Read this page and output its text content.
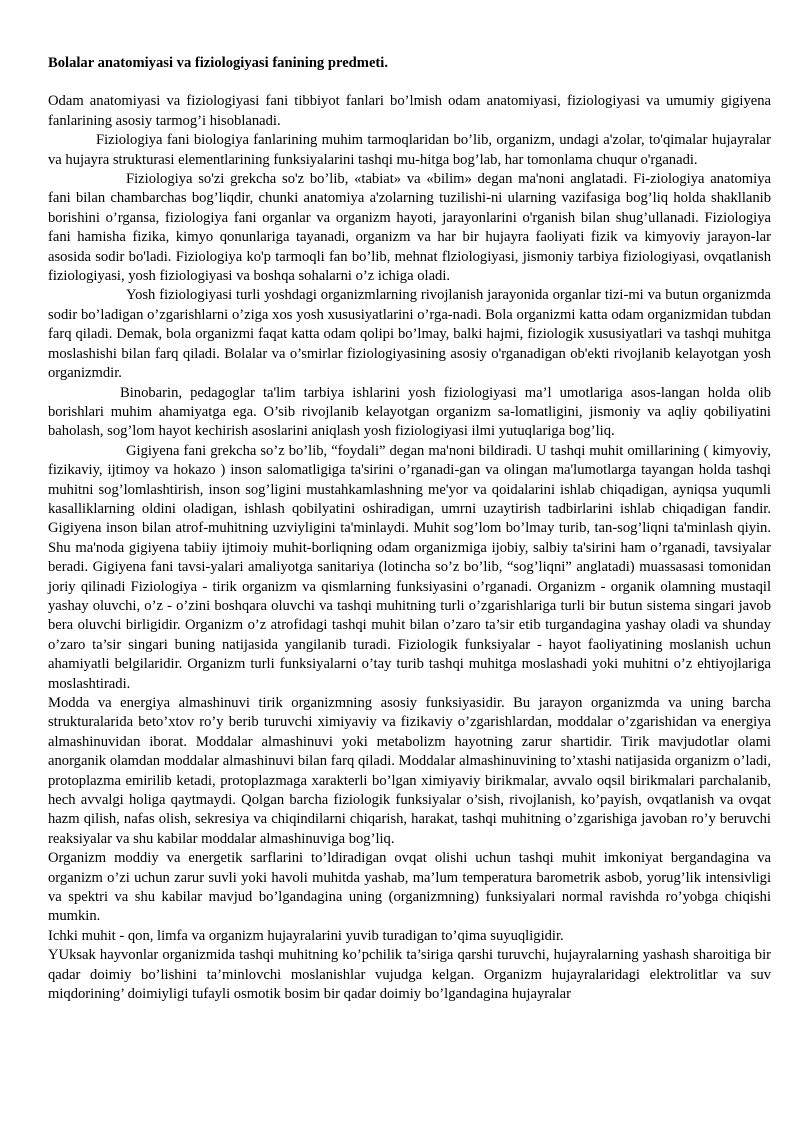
Bolalar anatomiyasi va fiziologiyasi fanining predmeti.

Odam anatomiyasi va fiziologiyasi fani tibbiyot fanlari bo’lmish odam anatomiyasi, fiziologiyasi va umumiy gigiyena fanlarining asosiy tarmog’i hisoblanadi.

Fiziologiya fani biologiya fanlarining muhim tarmoqlaridan bo’lib, organizm, undagi a'zolar, to'qimalar hujayralar va hujayra strukturasi elementlarining funksiyalarini tashqi mu-hitga bog’lab, har tomonlama chuqur o'rganadi.

Fiziologiya so'zi grekcha so'z bo’lib, «tabiat» va «bilim» degan ma'noni anglatadi. Fi-ziologiya anatomiya fani bilan chambarchas bog’liqdir, chunki anatomiya a'zolarning tuzilishi-ni ularning vazifasiga bog’liq holda shakllanib borishini o’rgansa, fiziologiya fani organlar va organizm hayoti, jarayonlarini o'rganish bilan shug’ullanadi. Fiziologiya fani hamisha fizika, kimyo qonunlariga tayanadi, organizm va har bir hujayra faoliyati fizik va kimyoviy jarayon-lar asosida sodir bo'ladi. Fiziologiya ko'p tarmoqli fan bo’lib, mehnat flziologiyasi, jismoniy tarbiya fiziologiyasi, ovqatlanish fiziologiyasi, yosh fiziologiyasi va boshqa sohalarni o’z ichiga oladi.

Yosh fiziologiyasi turli yoshdagi organizmlarning rivojlanish jarayonida organlar tizi-mi va butun organizmda sodir bo’ladigan o’zgarishlarni o’ziga xos yosh xususiyatlarini o’rga-nadi. Bola organizmi katta odam organizmidan tubdan farq qiladi. Demak, bola organizmi faqat katta odam qolipi bo’lmay, balki hajmi, fiziologik xususiyatlari va tashqi muhitga moslashishi bilan farq qiladi. Bolalar va o’smirlar fiziologiyasining asosiy o'rganadigan ob'ekti rivojlanib kelayotgan yosh organizmdir.

Binobarin, pedagoglar ta'lim tarbiya ishlarini yosh fiziologiyasi ma’l umotlariga asos-langan holda olib borishlari muhim ahamiyatga ega. O’sib rivojlanib kelayotgan organizm sa-lomatligini, jismoniy va aqliy qobiliyatini baholash, sog’lom hayot kechirish asoslarini aniqlash yosh fiziologiyasi ilmi yutuqlariga bog’liq.

Gigiyena fani grekcha so’z bo’lib, “foydali” degan ma'noni bildiradi. U tashqi muhit omillarining ( kimyoviy, fizikaviy, ijtimoy va hokazo ) inson salomatligiga ta'sirini o’rganadi-gan va olingan ma'lumotlarga tayangan holda tashqi muhitni sog’lomlashtirish, inson sog’ligini mustahkamlashning me'yor va qoidalarini ishlab chiqadigan, ayniqsa yuqumli kasalliklarning oldini oladigan, ishlash qobilyatini oshiradigan, umrni uzaytirish tadbirlarini ishlab chiqadigan fandir. Gigiyena inson bilan atrof-muhitning uzviyligini ta'minlaydi. Muhit sog’lom bo’lmay turib, tan-sog’liqni ta'minlash qiyin. Shu ma'noda gigiyena tabiiy ijtimoiy muhit-borliqning odam organizmiga ijobiy, salbiy ta'sirini ham o’rganadi, tavsiyalar beradi. Gigiyena fani tavsi-yalari amaliyotga sanitariya (lotincha so’z bo’lib, “sog’liqni” anglatadi) muassasasi tomonidan joriy qilinadi Fiziologiya - tirik organizm va qismlarning funksiyasini o’rganadi. Organizm - organik olamning mustaqil yashay oluvchi, o’z - o’zini boshqara oluvchi va tashqi muhitning turli o’zgarishlariga turli bir butun sistema singari javob bera oluvchi birligidir. Organizm o’z atrofidagi tashqi muhit bilan o’zaro ta’sir etib turgandagina yashay oladi va shunday o’zaro ta’sir singari buning natijasida yangilanib turadi. Fiziologik funksiyalar - hayot faoliyatining moslanish uchun ahamiyatli belgilaridir. Organizm turli funksiyalarni o’tay turib tashqi muhitga moslashadi yoki muhitni o’z ehtiyojlariga moslashtiradi.

Modda va energiya almashinuvi tirik organizmning asosiy funksiyasidir. Bu jarayon organizmda va uning barcha strukturalarida beto’xtov ro’y berib turuvchi ximiyaviy va fizikaviy o’zgarishlardan, moddalar o’zgarishidan va energiya almashinuvidan iborat. Moddalar almashinuvi yoki metabolizm hayotning zarur shartidir. Tirik mavjudotlar olami anorganik olamdan moddalar almashinuvi bilan farq qiladi. Moddalar almashinuvining to’xtashi natijasida organizm o’ladi, protoplazma emirilib ketadi, protoplazmaga xarakterli bo’lgan ximiyaviy birikmalar, avvalo oqsil birikmalari parchalanib, hech avvalgi holiga qaytmaydi. Qolgan barcha fiziologik funksiyalar o’sish, rivojlanish, ko’payish, ovqatlanish va ovqat hazm qilish, nafas olish, sekresiya va chiqindilarni chiqarish, harakat, tashqi muhitning o’zgarishiga javoban ro’y beruvchi reaksiyalar va shu kabilar moddalar almashinuviga bog’liq.

Organizm moddiy va energetik sarflarini to’ldiradigan ovqat olishi uchun tashqi muhit imkoniyat bergandagina va organizm o’zi uchun zarur suvli yoki havoli muhitda yashab, ma’lum temperatura barometrik asbob, yorug’lik intensivligi va spektri va shu kabilar mavjud bo’lgandagina uning (organizmning) funksiyalari normal ravishda ro’yobga chiqishi mumkin.

Ichki muhit - qon, limfa va organizm hujayralarini yuvib turadigan to’qima suyuqligidir.

YUksak hayvonlar organizmida tashqi muhitning ko’pchilik ta’siriga qarshi turuvchi, hujayralarning yashash sharoitiga bir qadar doimiy bo’lishini ta’minlovchi moslanishlar vujudga kelgan. Organizm hujayralaridagi elektrolitlar va suv miqdorining’ doimiyligi tufayli osmotik bosim bir qadar doimiy bo’lgandagina hujayralar
